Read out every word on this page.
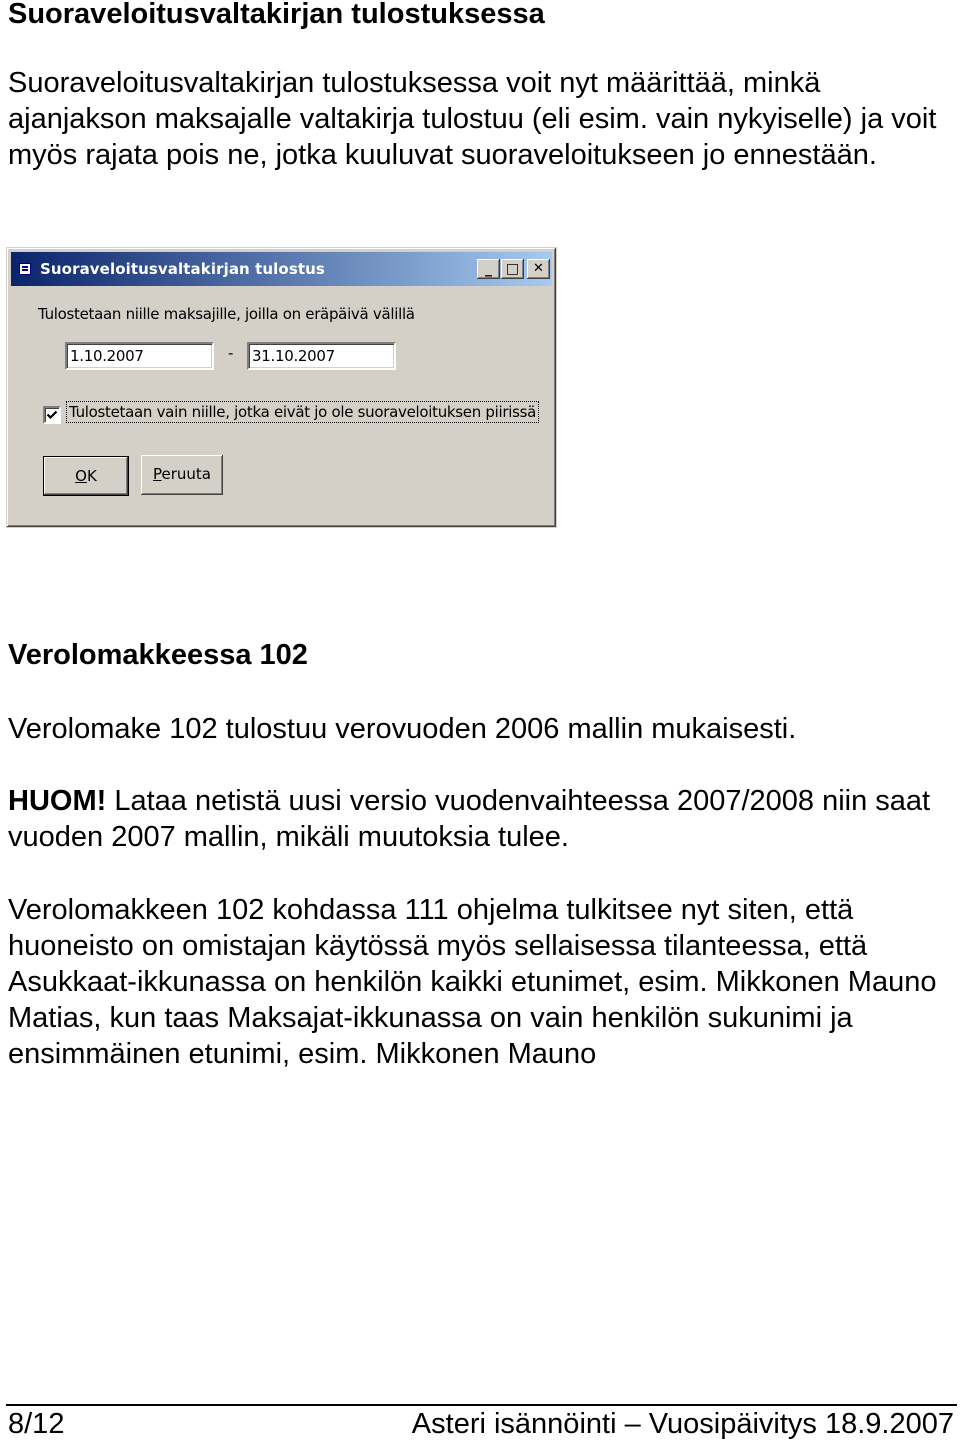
Suoraveloitusvaltakirjan tulostuksessa

Suoraveloitusvaltakirjan tulostuksessa voit nyt määrittää, minkä ajanjakson maksajalle valtakirja tulostuu (eli esim. vain nykyiselle) ja voit myös rajata pois ne, jotka kuuluvat suoraveloitukseen jo ennestään.

Suoraveloitusvaltakirjan tulostus	_ □	✕
Tulostetaan niille maksajille, joilla on eräpäivä välillä
1.10.2007	-	31.10.2007
Tulostetaan vain niille, jotka eivät jo ole suoraveloituksen piirissä
OK	Peruuta
Verolomakkeessa 102

Verolomake 102 tulostuu verovuoden 2006 mallin mukaisesti.

HUOM! Lataa netistä uusi versio vuodenvaihteessa 2007/2008 niin saat vuoden 2007 mallin, mikäli muutoksia tulee.

Verolomakkeen 102 kohdassa 111 ohjelma tulkitsee nyt siten, että huoneisto on omistajan käytössä myös sellaisessa tilanteessa, että Asukkaat-ikkunassa on henkilön kaikki etunimet, esim. Mikkonen Mauno Matias, kun taas Maksajat-ikkunassa on vain henkilön sukunimi ja ensimmäinen etunimi, esim. Mikkonen Mauno

8/12	Asteri isännöinti – Vuosipäivitys 18.9.2007
